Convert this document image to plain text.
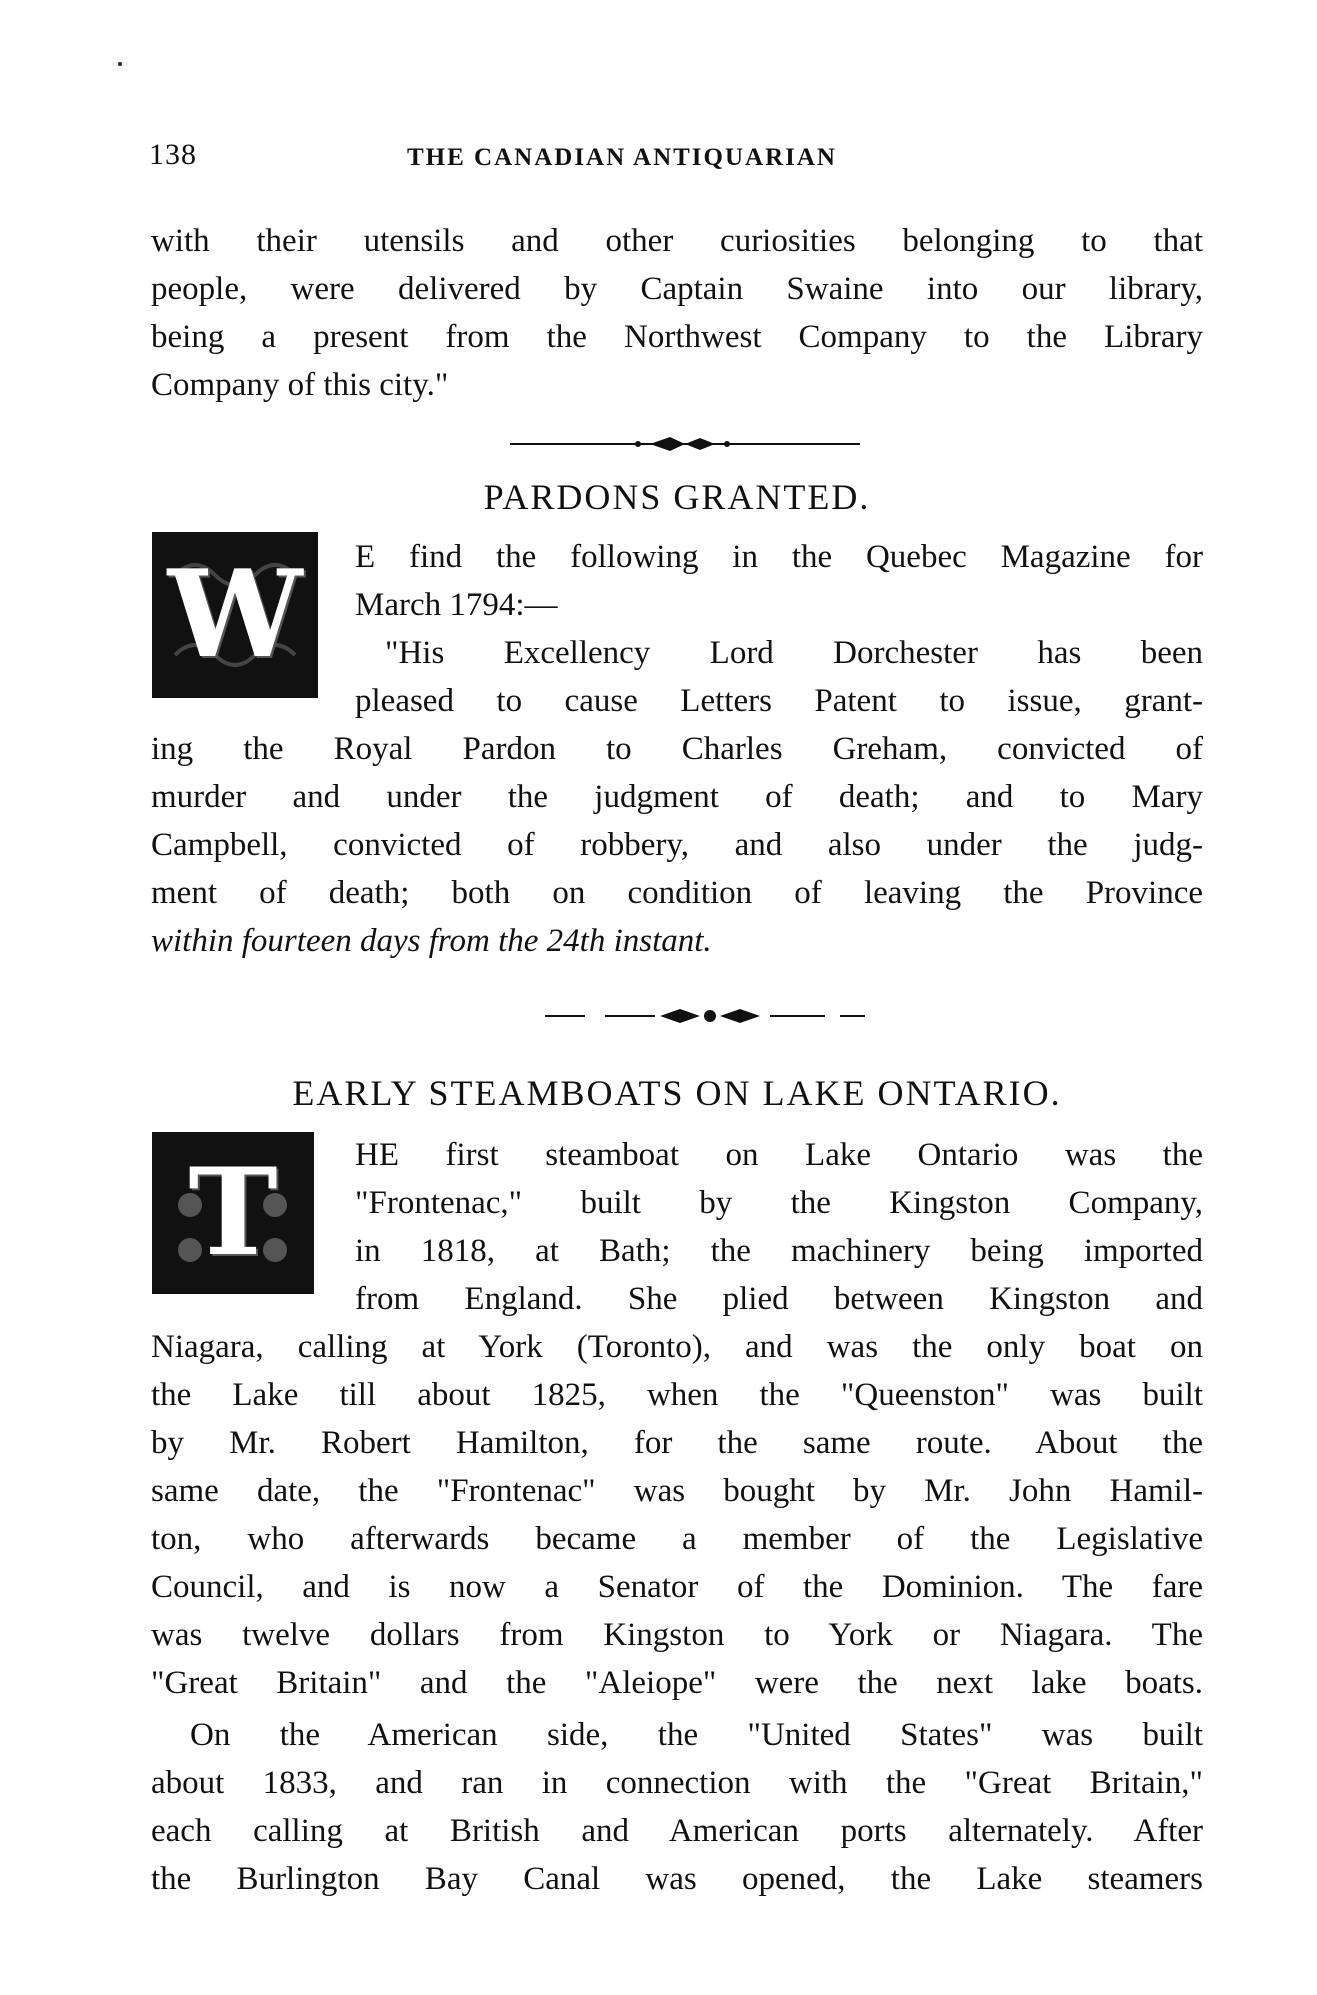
138	THE CANADIAN ANTIQUARIAN
with their utensils and other curiosities belonging to that
people, were delivered by Captain Swaine into our library,
being a present from the Northwest Company to the Library
Company of this city."
PARDONS GRANTED.
W E find the following in the Quebec Magazine for
March 1794:—
"His Excellency Lord Dorchester has been
pleased to cause Letters Patent to issue, grant-
ing the Royal Pardon to Charles Greham, convicted of
murder and under the judgment of death; and to Mary
Campbell, convicted of robbery, and also under the judg-
ment of death; both on condition of leaving the Province
within fourteen days from the 24th instant.
EARLY STEAMBOATS ON LAKE ONTARIO.
T HE first steamboat on Lake Ontario was the
"Frontenac," built by the Kingston Company,
in 1818, at Bath; the machinery being imported
from England. She plied between Kingston and
Niagara, calling at York (Toronto), and was the only boat on
the Lake till about 1825, when the "Queenston" was built
by Mr. Robert Hamilton, for the same route. About the
same date, the "Frontenac" was bought by Mr. John Hamil-
ton, who afterwards became a member of the Legislative
Council, and is now a Senator of the Dominion. The fare
was twelve dollars from Kingston to York or Niagara. The
"Great Britain" and the "Aleiope" were the next lake boats.
On the American side, the "United States" was built
about 1833, and ran in connection with the "Great Britain,"
each calling at British and American ports alternately. After
the Burlington Bay Canal was opened, the Lake steamers
